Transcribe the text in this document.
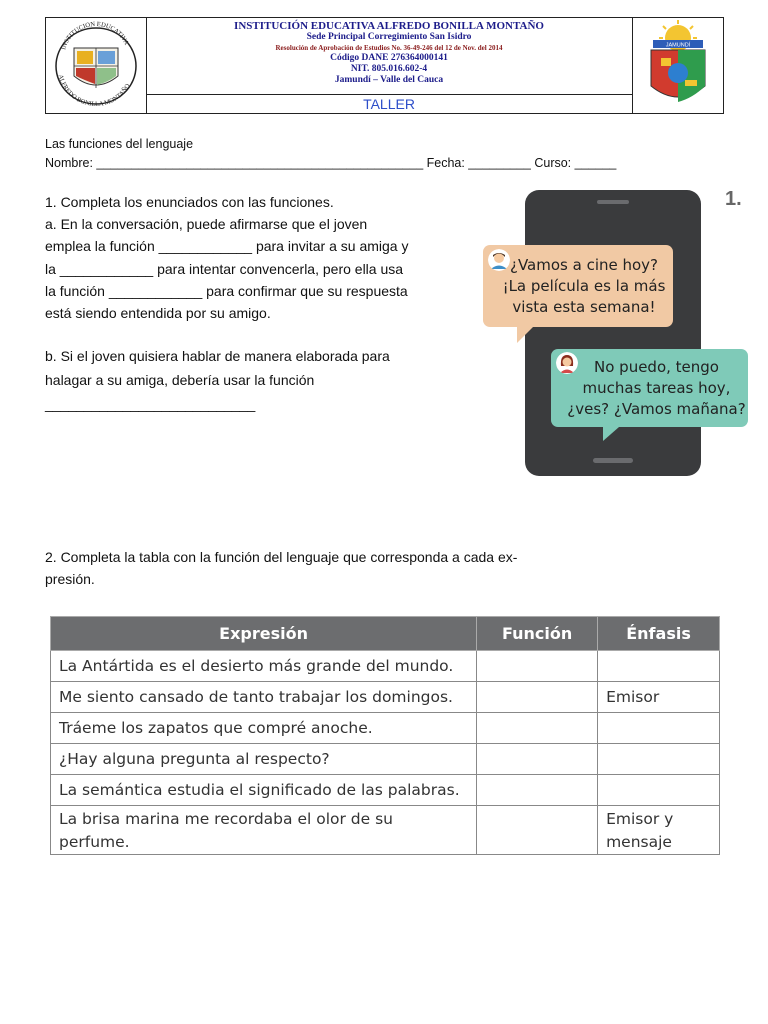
INSTITUCION EDUCATIVA
ALFREDO BONILLA MONTAÑO
INSTITUCIÓN EDUCATIVA ALFREDO BONILLA MONTAÑO
Sede Principal Corregimiento San Isidro
Resolución de Aprobación de Estudios No. 36-49-246 del 12 de Nov. del 2014
Código DANE 276364000141
NIT. 805.016.602-4
Jamundí – Valle del Cauca
TALLER
JAMUNDÍ
Las funciones del lenguaje
Nombre: _______________________________________________ Fecha: _________ Curso: ______
1. Completa los enunciados con las funciones.
a. En la conversación, puede afirmarse que el joven
emplea la función ____________ para invitar a su amiga y
la ____________ para intentar convencerla, pero ella usa
la función ____________ para confirmar que su respuesta
está siendo entendida por su amigo.
b. Si el joven quisiera hablar de manera elaborada para
halagar a su amiga, debería usar la función
___________________________
1.
¿Vamos a cine hoy?
¡La película es la más
vista esta semana!
No puedo, tengo
muchas tareas hoy,
¿ves? ¿Vamos mañana?
2. Completa la tabla con la función del lenguaje que corresponda a cada ex-
presión.
Expresión	Función	Énfasis
La Antártida es el desierto más grande del mundo.		
Me siento cansado de tanto trabajar los domingos.		Emisor
Tráeme los zapatos que compré anoche.		
¿Hay alguna pregunta al respecto?		
La semántica estudia el significado de las palabras.		
La brisa marina me recordaba el olor de su perfume.		Emisor y
mensaje
